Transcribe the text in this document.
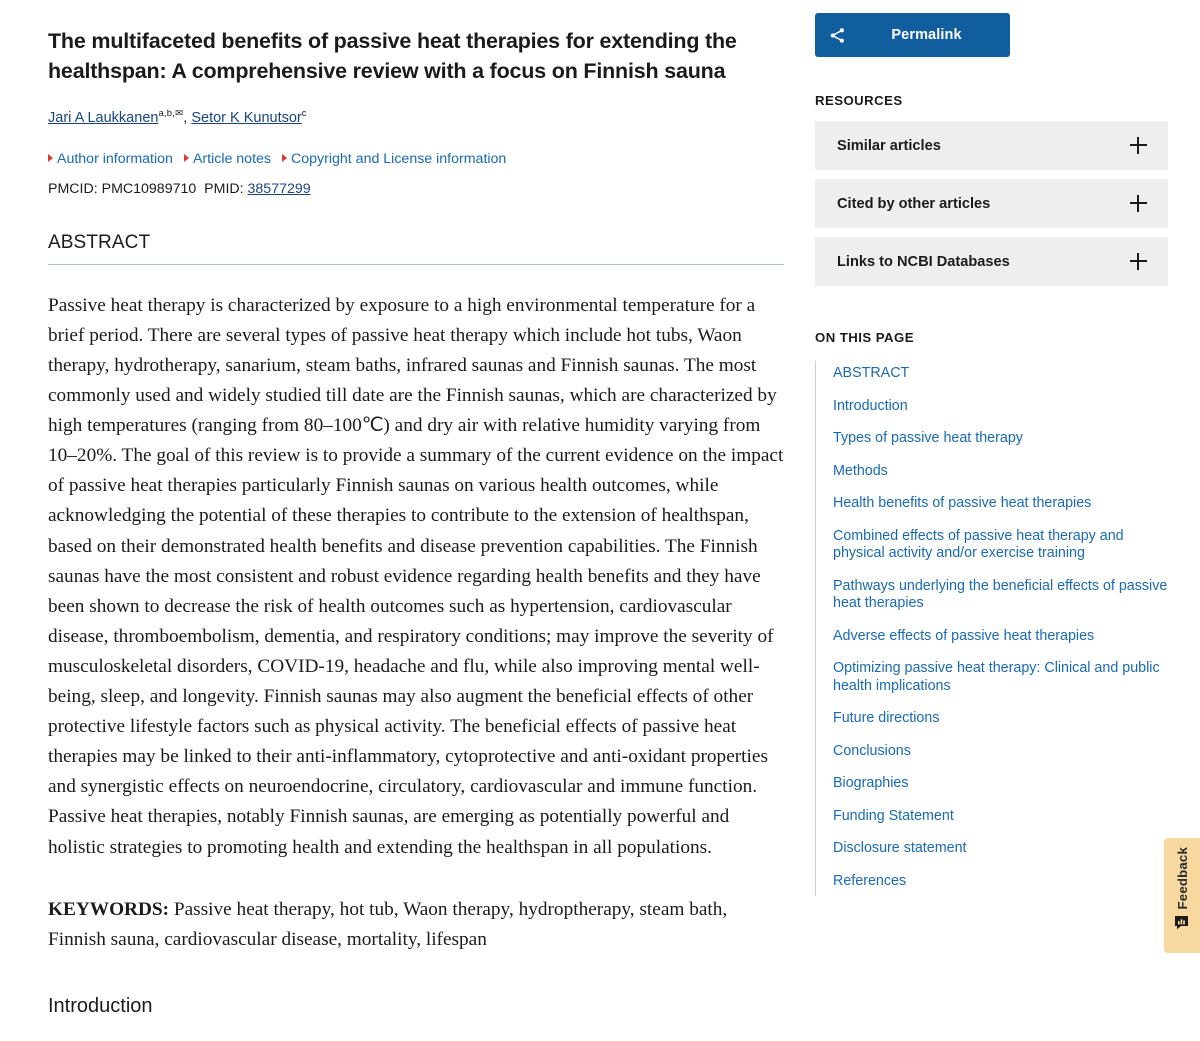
The multifaceted benefits of passive heat therapies for extending the healthspan: A comprehensive review with a focus on Finnish sauna
Jari A Laukkanen$^{a,b,✉}$, Setor K Kunutsor$^c$
Author information Article notes Copyright and License information
PMCID: PMC10989710 PMID: 38577299
ABSTRACT
Passive heat therapy is characterized by exposure to a high environmental temperature for a brief period. There are several types of passive heat therapy which include hot tubs, Waon therapy, hydrotherapy, sanarium, steam baths, infrared saunas and Finnish saunas. The most commonly used and widely studied till date are the Finnish saunas, which are characterized by high temperatures (ranging from 80–100℃) and dry air with relative humidity varying from 10–20%. The goal of this review is to provide a summary of the current evidence on the impact of passive heat therapies particularly Finnish saunas on various health outcomes, while acknowledging the potential of these therapies to contribute to the extension of healthspan, based on their demonstrated health benefits and disease prevention capabilities. The Finnish saunas have the most consistent and robust evidence regarding health benefits and they have been shown to decrease the risk of health outcomes such as hypertension, cardiovascular disease, thromboembolism, dementia, and respiratory conditions; may improve the severity of musculoskeletal disorders, COVID-19, headache and flu, while also improving mental well-being, sleep, and longevity. Finnish saunas may also augment the beneficial effects of other protective lifestyle factors such as physical activity. The beneficial effects of passive heat therapies may be linked to their anti-inflammatory, cytoprotective and anti-oxidant properties and synergistic effects on neuroendocrine, circulatory, cardiovascular and immune function. Passive heat therapies, notably Finnish saunas, are emerging as potentially powerful and holistic strategies to promoting health and extending the healthspan in all populations.
KEYWORDS: Passive heat therapy, hot tub, Waon therapy, hydroptherapy, steam bath, Finnish sauna, cardiovascular disease, mortality, lifespan
Introduction
Permalink
RESOURCES
Similar articles
Cited by other articles
Links to NCBI Databases
ON THIS PAGE
ABSTRACT
Introduction
Types of passive heat therapy
Methods
Health benefits of passive heat therapies
Combined effects of passive heat therapy and physical activity and/or exercise training
Pathways underlying the beneficial effects of passive heat therapies
Adverse effects of passive heat therapies
Optimizing passive heat therapy: Clinical and public health implications
Future directions
Conclusions
Biographies
Funding Statement
Disclosure statement
References	Feedback
